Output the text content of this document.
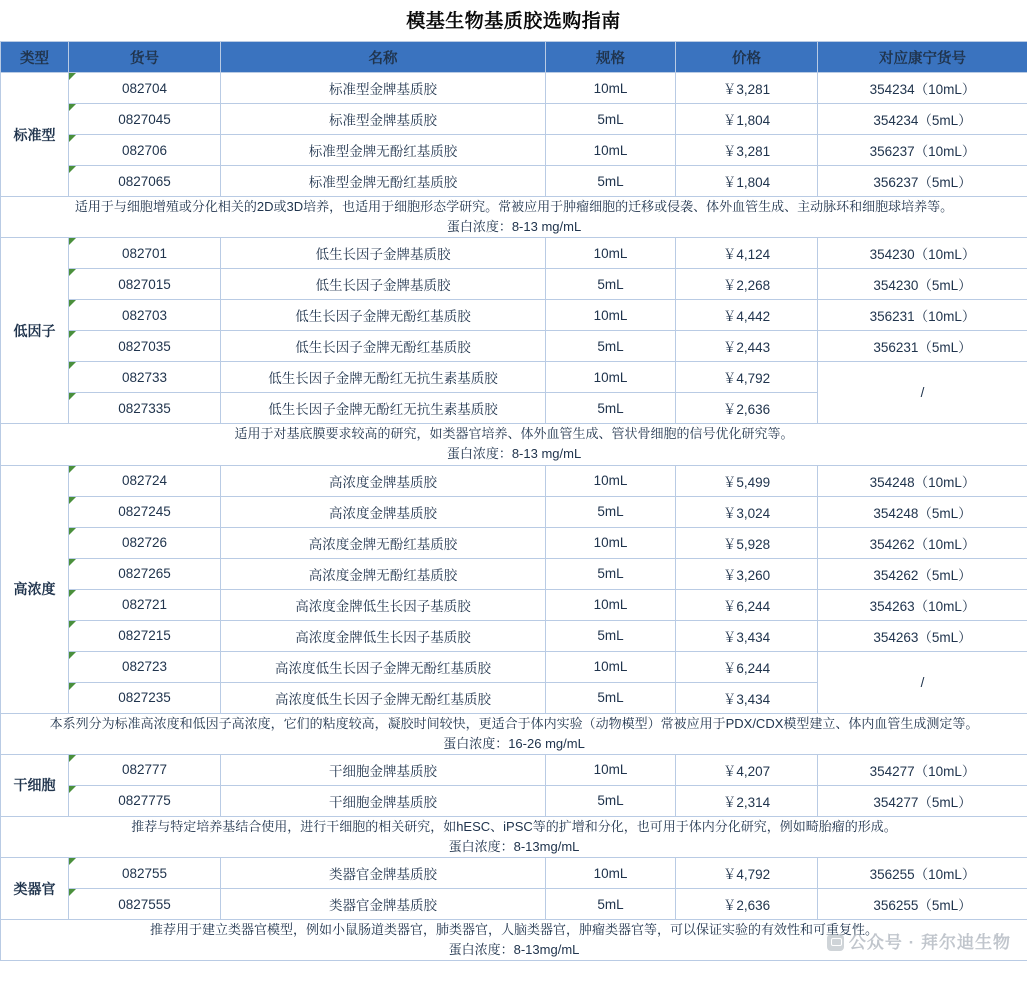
模基生物基质胶选购指南
类型	货号	名称	规格	价格	对应康宁货号
标准型	082704	标准型金牌基质胶	10mL	￥3,281	354234（10mL）

0827045	标准型金牌基质胶	5mL	￥1,804	354234（5mL）

082706	标准型金牌无酚红基质胶	10mL	￥3,281	356237（10mL）

0827065	标准型金牌无酚红基质胶	5mL	￥1,804	356237（5mL）
适用于与细胞增殖或分化相关的2D或3D培养，也适用于细胞形态学研究。常被应用于肿瘤细胞的迁移或侵袭、体外血管生成、主动脉环和细胞球培养等。
蛋白浓度：8-13 mg/mL					

低因子	082701	低生长因子金牌基质胶	10mL	￥4,124	354230（10mL）

0827015	低生长因子金牌基质胶	5mL	￥2,268	354230（5mL）

082703	低生长因子金牌无酚红基质胶	10mL	￥4,442	356231（10mL）

0827035	低生长因子金牌无酚红基质胶	5mL	￥2,443	356231（5mL）

082733	低生长因子金牌无酚红无抗生素基质胶	10mL	￥4,792	/

0827335	低生长因子金牌无酚红无抗生素基质胶	5mL	￥2,636	
适用于对基底膜要求较高的研究，如类器官培养、体外血管生成、管状骨细胞的信号优化研究等。
蛋白浓度：8-13 mg/mL					

高浓度	082724	高浓度金牌基质胶	10mL	￥5,499	354248（10mL）

0827245	高浓度金牌基质胶	5mL	￥3,024	354248（5mL）

082726	高浓度金牌无酚红基质胶	10mL	￥5,928	354262（10mL）

0827265	高浓度金牌无酚红基质胶	5mL	￥3,260	354262（5mL）

082721	高浓度金牌低生长因子基质胶	10mL	￥6,244	354263（10mL）

0827215	高浓度金牌低生长因子基质胶	5mL	￥3,434	354263（5mL）

082723	高浓度低生长因子金牌无酚红基质胶	10mL	￥6,244	/

0827235	高浓度低生长因子金牌无酚红基质胶	5mL	￥3,434	
本系列分为标准高浓度和低因子高浓度，它们的粘度较高，凝胶时间较快，更适合于体内实验（动物模型）常被应用于PDX/CDX模型建立、体内血管生成测定等。
蛋白浓度：16-26 mg/mL					

干细胞	082777	干细胞金牌基质胶	10mL	￥4,207	354277（10mL）

0827775	干细胞金牌基质胶	5mL	￥2,314	354277（5mL）
推荐与特定培养基结合使用，进行干细胞的相关研究，如hESC、iPSC等的扩增和分化，也可用于体内分化研究，例如畸胎瘤的形成。
蛋白浓度：8-13mg/mL					

类器官	082755	类器官金牌基质胶	10mL	￥4,792	356255（10mL）

0827555	类器官金牌基质胶	5mL	￥2,636	356255（5mL）
推荐用于建立类器官模型，例如小鼠肠道类器官，肺类器官，人脑类器官，肿瘤类器官等，可以保证实验的有效性和可重复性。
蛋白浓度：8-13mg/mL						公众号 · 拜尔迪生物
